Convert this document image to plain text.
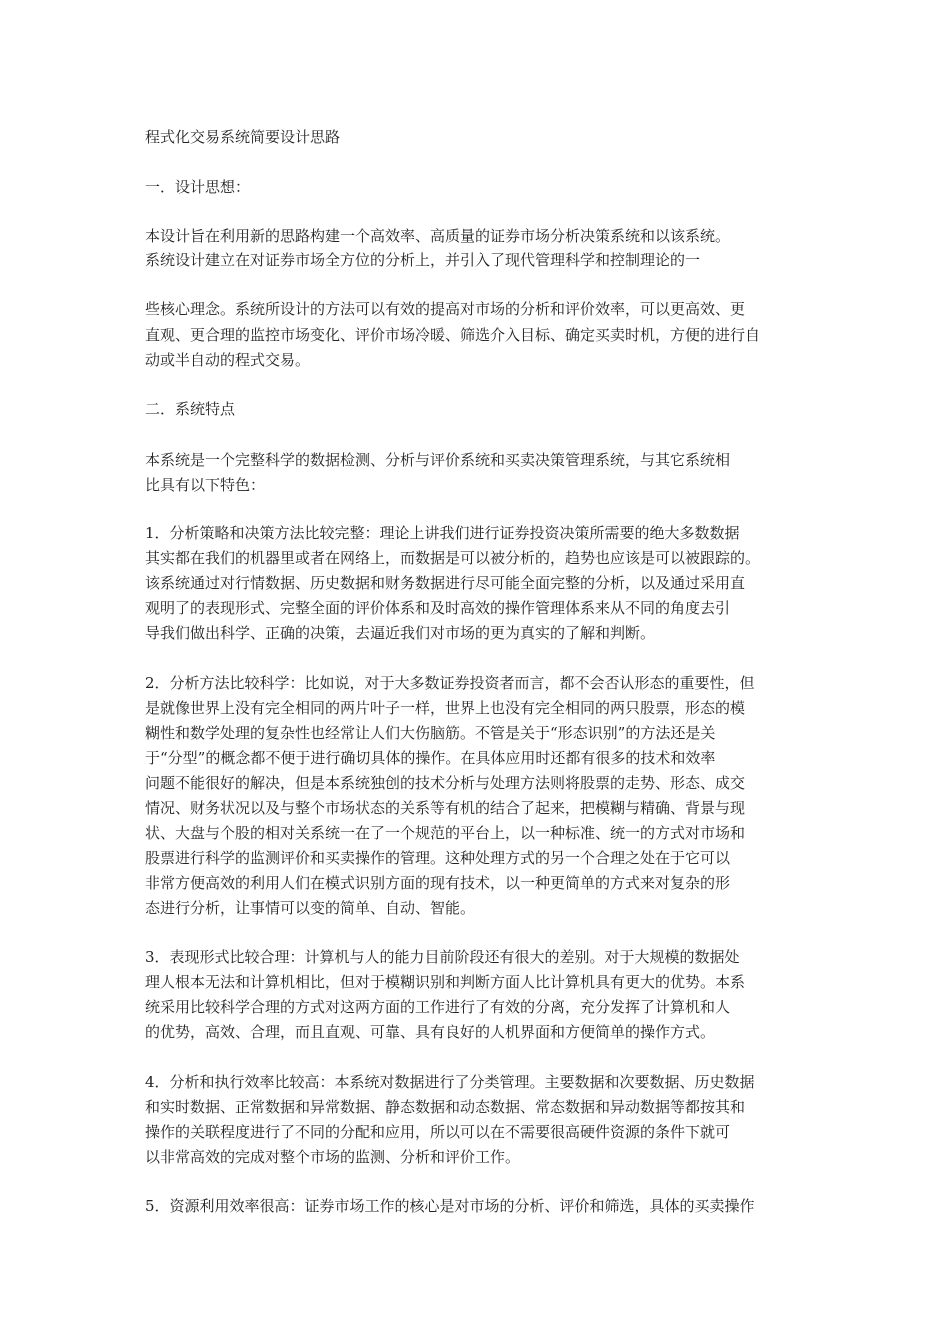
程式化交易系统简要设计思路
一．设计思想：
本设计旨在利用新的思路构建一个高效率、高质量的证券市场分析决策系统和以该系统。
系统设计建立在对证券市场全方位的分析上，并引入了现代管理科学和控制理论的一
些核心理念。系统所设计的方法可以有效的提高对市场的分析和评价效率，可以更高效、更
直观、更合理的监控市场变化、评价市场冷暖、筛选介入目标、确定买卖时机，方便的进行自
动或半自动的程式交易。
二．系统特点
本系统是一个完整科学的数据检测、分析与评价系统和买卖决策管理系统，与其它系统相
比具有以下特色：
1．分析策略和决策方法比较完整：理论上讲我们进行证券投资决策所需要的绝大多数数据
其实都在我们的机器里或者在网络上，而数据是可以被分析的，趋势也应该是可以被跟踪的。
该系统通过对行情数据、历史数据和财务数据进行尽可能全面完整的分析，以及通过采用直
观明了的表现形式、完整全面的评价体系和及时高效的操作管理体系来从不同的角度去引
导我们做出科学、正确的决策，去逼近我们对市场的更为真实的了解和判断。
2．分析方法比较科学：比如说，对于大多数证券投资者而言，都不会否认形态的重要性，但
是就像世界上没有完全相同的两片叶子一样，世界上也没有完全相同的两只股票，形态的模
糊性和数学处理的复杂性也经常让人们大伤脑筋。不管是关于“形态识别”的方法还是关
于“分型”的概念都不便于进行确切具体的操作。在具体应用时还都有很多的技术和效率
问题不能很好的解决，但是本系统独创的技术分析与处理方法则将股票的走势、形态、成交
情况、财务状况以及与整个市场状态的关系等有机的结合了起来，把模糊与精确、背景与现
状、大盘与个股的相对关系统一在了一个规范的平台上，以一种标准、统一的方式对市场和
股票进行科学的监测评价和买卖操作的管理。这种处理方式的另一个合理之处在于它可以
非常方便高效的利用人们在模式识别方面的现有技术，以一种更简单的方式来对复杂的形
态进行分析，让事情可以变的简单、自动、智能。
3．表现形式比较合理：计算机与人的能力目前阶段还有很大的差别。对于大规模的数据处
理人根本无法和计算机相比，但对于模糊识别和判断方面人比计算机具有更大的优势。本系
统采用比较科学合理的方式对这两方面的工作进行了有效的分离，充分发挥了计算机和人
的优势，高效、合理，而且直观、可靠、具有良好的人机界面和方便简单的操作方式。
4．分析和执行效率比较高：本系统对数据进行了分类管理。主要数据和次要数据、历史数据
和实时数据、正常数据和异常数据、静态数据和动态数据、常态数据和异动数据等都按其和
操作的关联程度进行了不同的分配和应用，所以可以在不需要很高硬件资源的条件下就可
以非常高效的完成对整个市场的监测、分析和评价工作。
5．资源利用效率很高：证券市场工作的核心是对市场的分析、评价和筛选，具体的买卖操作
